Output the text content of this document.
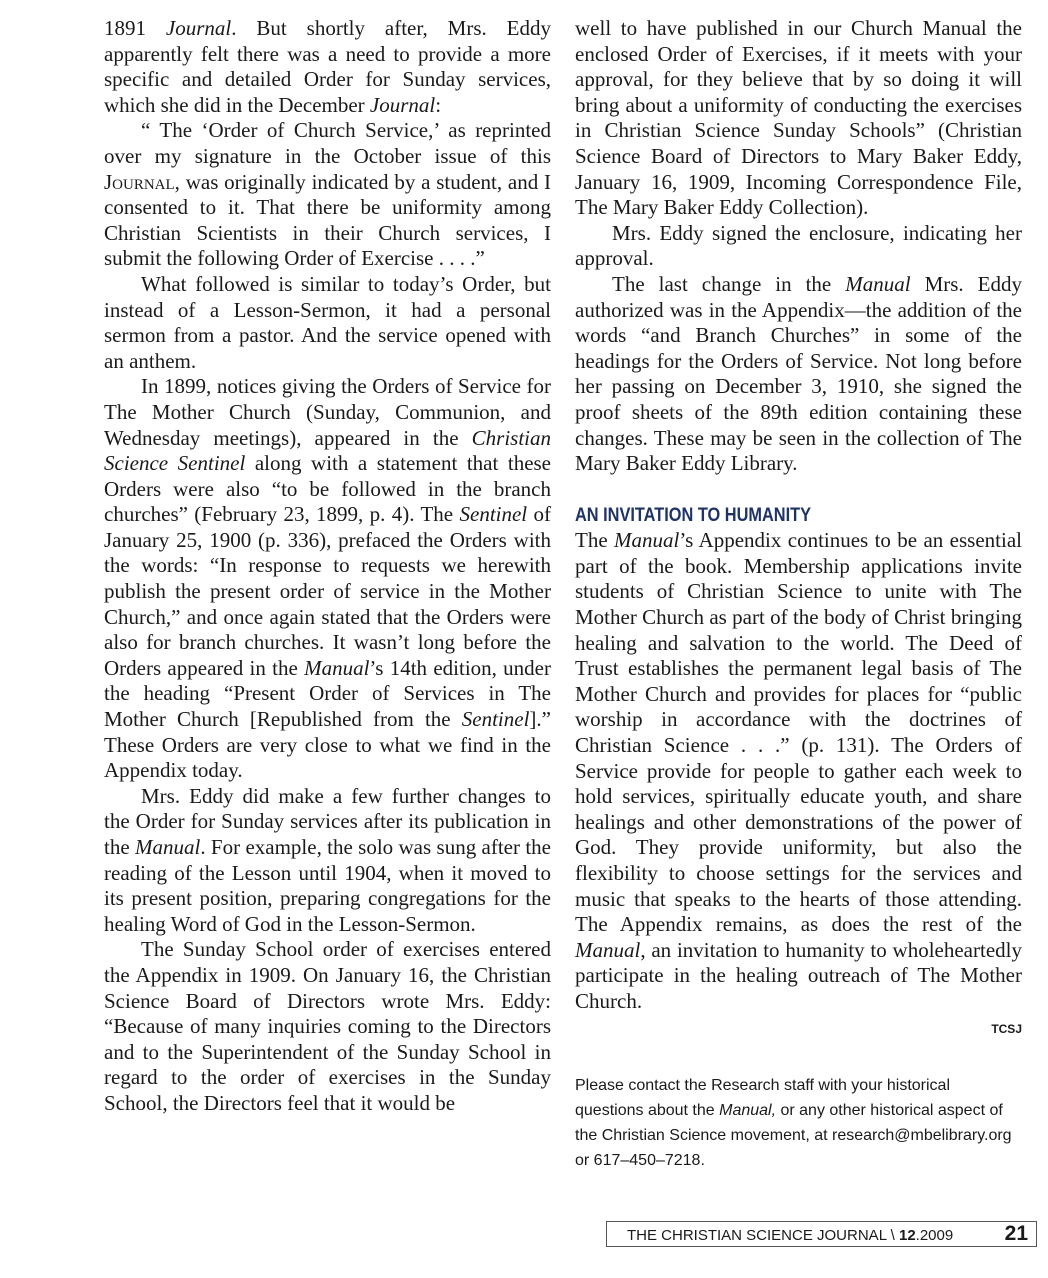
1891 Journal. But shortly after, Mrs. Eddy apparently felt there was a need to provide a more specific and detailed Order for Sunday services, which she did in the December Journal:

“ The ‘Order of Church Service,’ as reprinted over my signature in the October issue of this Journal, was originally indicated by a student, and I consented to it. That there be uniformity among Christian Scientists in their Church services, I submit the following Order of Exercise . . . .”

What followed is similar to today’s Order, but instead of a Lesson-Sermon, it had a personal sermon from a pastor. And the service opened with an anthem.

In 1899, notices giving the Orders of Service for The Mother Church (Sunday, Communion, and Wednesday meetings), appeared in the Christian Science Sentinel along with a statement that these Orders were also “to be followed in the branch churches” (February 23, 1899, p. 4). The Sentinel of January 25, 1900 (p. 336), prefaced the Orders with the words: “In response to requests we herewith publish the present order of service in the Mother Church,” and once again stated that the Orders were also for branch churches. It wasn’t long before the Orders appeared in the Manual’s 14th edition, under the heading “Present Order of Services in The Mother Church [Republished from the Sentinel].” These Orders are very close to what we find in the Appendix today.

Mrs. Eddy did make a few further changes to the Order for Sunday services after its publication in the Manual. For example, the solo was sung after the reading of the Lesson until 1904, when it moved to its present position, preparing congregations for the healing Word of God in the Lesson-Sermon.

The Sunday School order of exercises entered the Appendix in 1909. On January 16, the Christian Science Board of Directors wrote Mrs. Eddy: “Because of many inquiries coming to the Directors and to the Superintendent of the Sunday School in regard to the order of exercises in the Sunday School, the Directors feel that it would be

well to have published in our Church Manual the enclosed Order of Exercises, if it meets with your approval, for they believe that by so doing it will bring about a uniformity of conducting the exercises in Christian Science Sunday Schools” (Christian Science Board of Directors to Mary Baker Eddy, January 16, 1909, Incoming Correspondence File, The Mary Baker Eddy Collection).

Mrs. Eddy signed the enclosure, indicating her approval.

The last change in the Manual Mrs. Eddy authorized was in the Appendix—the addition of the words “and Branch Churches” in some of the headings for the Orders of Service. Not long before her passing on December 3, 1910, she signed the proof sheets of the 89th edition containing these changes. These may be seen in the collection of The Mary Baker Eddy Library.

AN INVITATION TO HUMANITY

The Manual’s Appendix continues to be an essential part of the book. Membership applications invite students of Christian Science to unite with The Mother Church as part of the body of Christ bringing healing and salvation to the world. The Deed of Trust establishes the permanent legal basis of The Mother Church and provides for places for “public worship in accordance with the doctrines of Christian Science . . .” (p. 131). The Orders of Service provide for people to gather each week to hold services, spiritually educate youth, and share healings and other demonstrations of the power of God. They provide uniformity, but also the flexibility to choose settings for the services and music that speaks to the hearts of those attending. The Appendix remains, as does the rest of the Manual, an invitation to humanity to wholeheartedly participate in the healing outreach of The Mother Church.

TCSJ
Please contact the Research staff with your historical questions about the Manual, or any other historical aspect of the Christian Science movement, at research@mbelibrary.org or 617–450–7218.
THE CHRISTIAN SCIENCE JOURNAL \ 12.2009 21
